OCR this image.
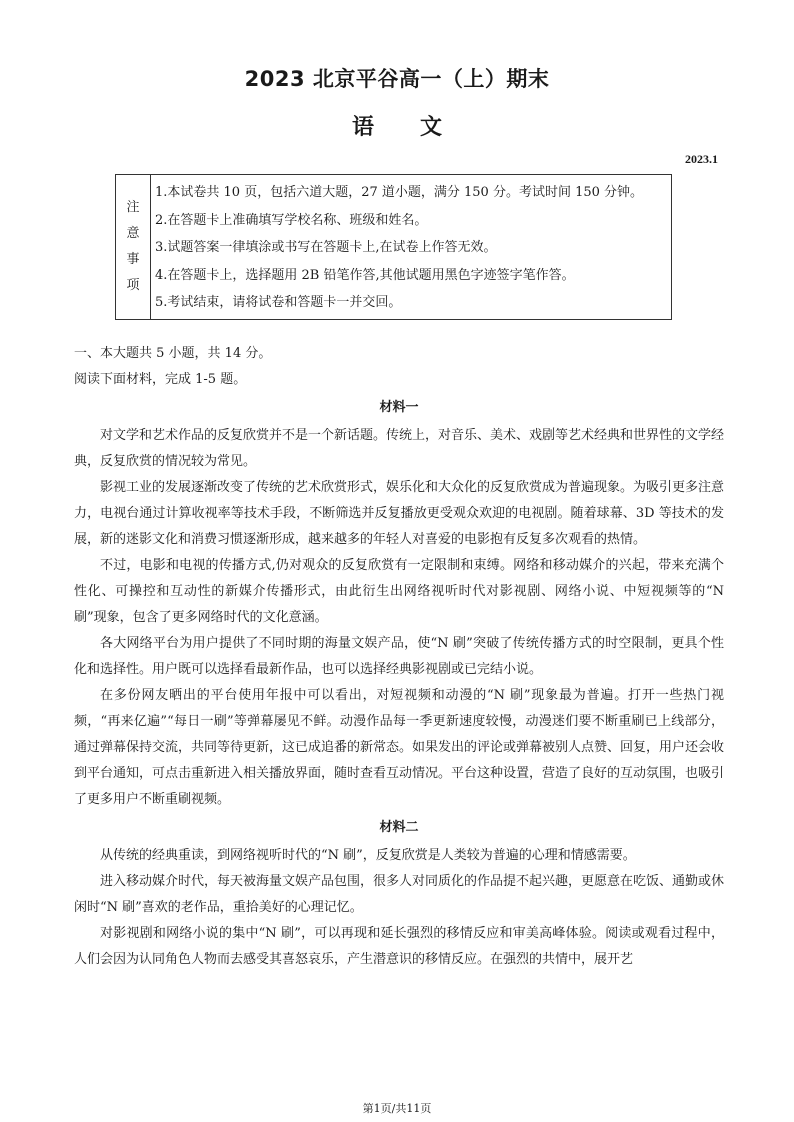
2023 北京平谷高一（上）期末
语文
2023.1
注
意
事
项
1.本试卷共 10 页，包括六道大题，27 道小题，满分 150 分。考试时间 150 分钟。
2.在答题卡上准确填写学校名称、班级和姓名。
3.试题答案一律填涂或书写在答题卡上,在试卷上作答无效。
4.在答题卡上，选择题用 2B 铅笔作答,其他试题用黑色字迹签字笔作答。
5.考试结束，请将试卷和答题卡一并交回。
一、本大题共 5 小题，共 14 分。
阅读下面材料，完成 1-5 题。
材料一

对文学和艺术作品的反复欣赏并不是一个新话题。传统上，对音乐、美术、戏剧等艺术经典和世界性的文学经典，反复欣赏的情况较为常见。

影视工业的发展逐渐改变了传统的艺术欣赏形式，娱乐化和大众化的反复欣赏成为普遍现象。为吸引更多注意力，电视台通过计算收视率等技术手段，不断筛选并反复播放更受观众欢迎的电视剧。随着球幕、3D 等技术的发展，新的迷影文化和消费习惯逐渐形成，越来越多的年轻人对喜爱的电影抱有反复多次观看的热情。

不过，电影和电视的传播方式,仍对观众的反复欣赏有一定限制和束缚。网络和移动媒介的兴起，带来充满个性化、可操控和互动性的新媒介传播形式，由此衍生出网络视听时代对影视剧、网络小说、中短视频等的“N 刷”现象，包含了更多网络时代的文化意涵。

各大网络平台为用户提供了不同时期的海量文娱产品，使“N 刷”突破了传统传播方式的时空限制，更具个性化和选择性。用户既可以选择看最新作品，也可以选择经典影视剧或已完结小说。

在多份网友晒出的平台使用年报中可以看出，对短视频和动漫的“N 刷”现象最为普遍。打开一些热门视频，“再来亿遍”“每日一刷”等弹幕屡见不鲜。动漫作品每一季更新速度较慢，动漫迷们要不断重刷已上线部分，通过弹幕保持交流，共同等待更新，这已成追番的新常态。如果发出的评论或弹幕被别人点赞、回复，用户还会收到平台通知，可点击重新进入相关播放界面，随时查看互动情况。平台这种设置，营造了良好的互动氛围，也吸引了更多用户不断重刷视频。

材料二

从传统的经典重读，到网络视听时代的“N 刷”，反复欣赏是人类较为普遍的心理和情感需要。

进入移动媒介时代，每天被海量文娱产品包围，很多人对同质化的作品提不起兴趣，更愿意在吃饭、通勤或休闲时“N 刷”喜欢的老作品，重拾美好的心理记忆。

对影视剧和网络小说的集中“N 刷”，可以再现和延长强烈的移情反应和审美高峰体验。阅读或观看过程中，人们会因为认同角色人物而去感受其喜怒哀乐，产生潜意识的移情反应。在强烈的共情中，展开艺

第1页/共11页
